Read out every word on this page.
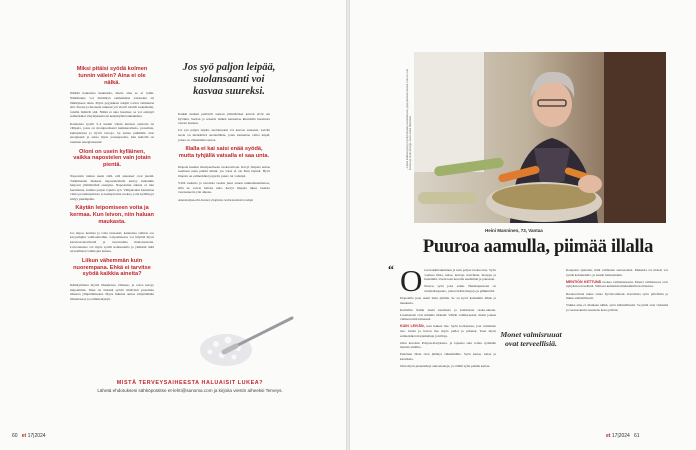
Miksi pitäisi syödä kolmen tunnin välein? Aina ei ole nälkä.

Nälkää kannattaa kuunnella, mutta aina se ei toimi. Nälkätunne voi häiriintyä esimerkiksi sairauden tai lääkityksen takia. Myös psyykkiset tekijät voivat vaimentaa sitä. Stressi ja huonosti nukutut yöt vievät toisilla ruokahalun, toisilla lisäävät sitä. Nälkä ei aina huomaa; se voi esiintyä esimerkiksi väsymyksenä tai keskittymisvaikeuksina.

Kannattaa syödä 3–4 tunnin välein kunnon aterioita tai välipala, jossa on monipuolisesti kuitukasviksia, proteiinia, kuitupitoisia ja hyviä rasvoja. Se auttaa pitämään olon energisenä ja antaa myös jousenpuolta, kun kehollä on tasainen energiansaanti.

Oloni on usein kylläinen, vaikka napostelen vain jotain pientä.

Napostelu tuntuu usein siltä, että annokset ovat pieniä. Tutkimusten mukaan napostelemalla kertyy kuitenkin helposti ylimääräistä energiaa. Napostelun aikana ei tule huomattua, kuinka paljon lopulta syö. Välipaloiksi kannattaa valita proteiinipitoista ja kuitupitoista ruokaa, jotta kylläisyys säilyy pidempään.

Käytän leipomiseen voita ja kermaa. Kun leivon, niin haluan maukasta.

Jos leipoo kermaa ja voita runsaasti, kannattaa vaihtaa osa kevyempiin vaihtoehtoihin. Leipomisessa voi käyttää myös kasvirasvalevitteitä ja rasvattomia maitotuotteita. Leivonnaisia voi myös syödä kohtuudella ja yhdistää niitä terveellisten valintojen kanssa.

Liikun vähemmän kuin nuorempana. Ehkä ei tarvitse syödä kaikkia aineita?

Ikääntyminen myötä lihasmassa vähenee, ja rasva kertyy helpommin. Siksi on tärkeää syödä riittävästi proteiinia lihasten ylläpitämiseksi. Myös liikunta auttaa säilyttämään lihasmassaa ja toimintakykyä.

Jos syö paljon leipää, suolansaanti voi kasvaa suureksi.

Kaikki luukun peittävät aterian ylimääräiset kalorit eivät ole hyväksi. Suolan ja sokerin lisäksi kannattaa kiinnittää huomiota rasvan laatuun.

Jos syö paljon leipää, suolansaanti voi kasvaa suureksi. Leivän suola on merkittävä suolanlähde, joten kannattaa valita leipiä, joissa on vähemmän suolaa.

Illalla ei kai saisi enää syödä, mutta tyhjällä vatsalla ei saa unta.

Iltapala kuuluu monipuoliseen ruokavalioon. Kevyt iltapala auttaa saamaan unen päästä kiinni, jos vatsa ei ole liian täynnä. Hyvä iltapala on esimerkiksi jogurtti, puuro tai voileipä.

Vältä raskaita ja rasvaisia ruokia juuri ennen nukkumaanmenoa, sillä ne voivat haitata unta. Kevyt iltapala tukee tasaista verensokeria yön aikana.

Asiantuntijana Itä-Suomen yliopiston ravitsemustieteen tutkija

MISTÄ TERVEYSAIHEESTA HALUAISIT LUKEA?
Lähetä ehdotuksesi sähköpostitse et-lehti@sanoma.com ja kirjoita viestin aiheeksi Terveys.
60 et 17|2024
– Lähes kaikkea pystyy hyödyntämään ruoanlaitossa, jopa juuresten kuoria, kun ne ovat luomua ja hyvin pestyjä, sanoo Heini Manninen.
Heini Manninen, 73, Vantaa
Puuroa aamulla, piimää illalla
“ O len kokkitrakukinen ja teen paljon ruokaa itse. Syön vaaleaa lihaa, kalaa, kettoja, kasviksia, marjoja ja hedelmiä. Usein teen kerralla enemmän ja pakastan.

Puuroa syön joka aamu. Herkkupuuroni on ruismaltaspuuro, johon lisään marjoja ja pähkinöitä.

Iltapalalla juon usein lasin piimää. Se on hyvä kalsiumin lähde ja maukasta.

Keittiöön lisään usein kasviksia ja kotimaisia raaka-aineita. Luomuasiat ovat minulle tärkeitä. Vältän valmisruokia, mutta joskus valitsen niitä kiireessä.

KUIN LEIVÄN, teen kaiken itse. Syön kotiruokaa, jota valmistan itse. Ostan ja leivon itse myös pullat ja piirakat. Teen myös esimerkiksi marjamehuja ja hilloja.

Olen kotoisin Pohjois-Karjalasta, ja lapsena sain tottua syömään metsän antimia.

Punaisen lihan olen jättänyt vähemmälle. Syön kanaa, kalaa ja kasviksia.

Olen myös pienentänyt annoskokoja, ja välillä syön pelkän keiton.

Monet valmisruuat ovat terveellisiä.

Kaupassa ajattelen, mitä valmistan seuraavaksi. Makeista tai maista voi syödä kohtuudella, ja nautin herkuistakin.

MENTIÖN KETTUNÄ ruokaa valmistaessani. Monet valmisruoat ovat nykyään terveellisiä. Valitsen kuitenkin mieluummin kotiruokaa.

Ruokavalioni tukee omaa hyvinvointiani. Kasviksia syön päivittäin ja liikun säännöllisesti.

Vaikka aina ei olisikaan nälkä, syön säännöllisesti. Se pitää olon virkeänä ja verensokerin tasaisena koko päivän.

et 17|2024 61
